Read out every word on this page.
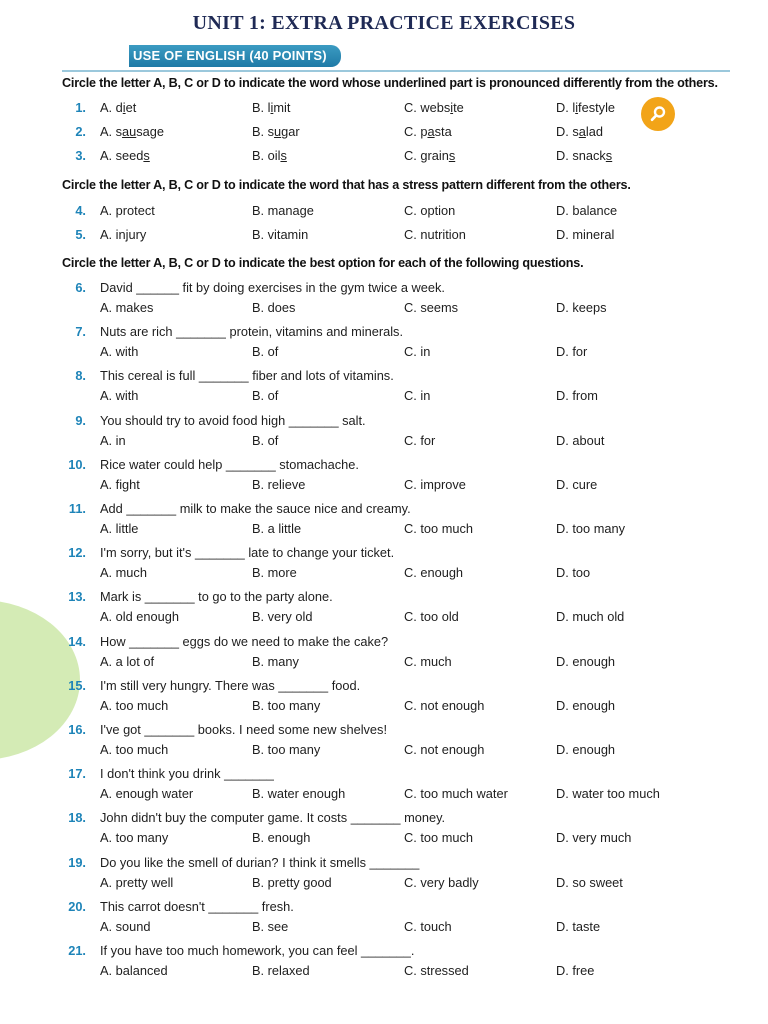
UNIT 1: EXTRA PRACTICE EXERCISES
USE OF ENGLISH (40 POINTS)
Circle the letter A, B, C or D to indicate the word whose underlined part is pronounced differently from the others.
1. A. diet	B. limit	C. website	D. lifestyle
2. A. sausage	B. sugar	C. pasta	D. salad
3. A. seeds	B. oils	C. grains	D. snacks
Circle the letter A, B, C or D to indicate the word that has a stress pattern different from the others.
4. A. protect	B. manage	C. option	D. balance
5. A. injury	B. vitamin	C. nutrition	D. mineral
Circle the letter A, B, C or D to indicate the best option for each of the following questions.
6. David ______ fit by doing exercises in the gym twice a week.
A. makes	B. does	C. seems	D. keeps
7. Nuts are rich _______ protein, vitamins and minerals.
A. with	B. of	C. in	D. for
8. This cereal is full _______ fiber and lots of vitamins.
A. with	B. of	C. in	D. from
9. You should try to avoid food high _______ salt.
A. in	B. of	C. for	D. about
10. Rice water could help _______ stomachache.
A. fight	B. relieve	C. improve	D. cure
11. Add _______ milk to make the sauce nice and creamy.
A. little	B. a little	C. too much	D. too many
12. I'm sorry, but it's _______ late to change your ticket.
A. much	B. more	C. enough	D. too
13. Mark is _______ to go to the party alone.
A. old enough	B. very old	C. too old	D. much old
14. How _______ eggs do we need to make the cake?
A. a lot of	B. many	C. much	D. enough
15. I'm still very hungry. There was _______ food.
A. too much	B. too many	C. not enough	D. enough
16. I've got _______ books. I need some new shelves!
A. too much	B. too many	C. not enough	D. enough
17. I don't think you drink _______
A. enough water	B. water enough	C. too much water	D. water too much
18. John didn't buy the computer game. It costs _______ money.
A. too many	B. enough	C. too much	D. very much
19. Do you like the smell of durian? I think it smells _______
A. pretty well	B. pretty good	C. very badly	D. so sweet
20. This carrot doesn't _______ fresh.
A. sound	B. see	C. touch	D. taste
21. If you have too much homework, you can feel _______.
A. balanced	B. relaxed	C. stressed	D. free
